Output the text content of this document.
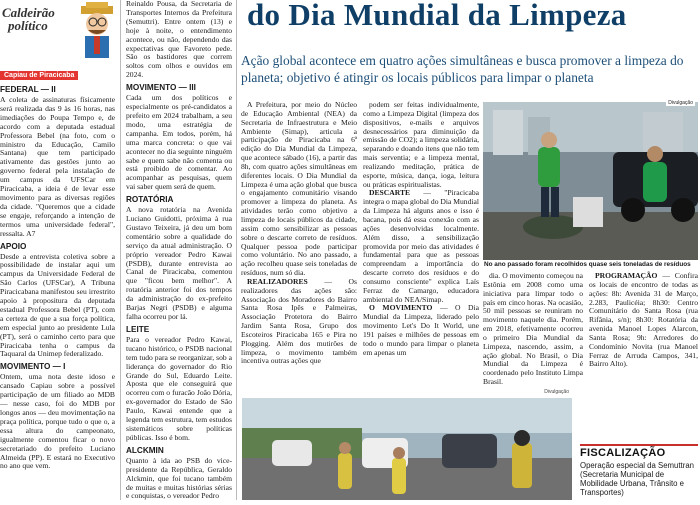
Caldeirão
político
Capiau de Piracicaba
FEDERAL — II

A coleta de assinaturas físicamente será realizada das 9 às 16 horas, nas imediações do Poupa Tempo e, de acordo com a deputada estadual Professora Bebel (na foto, com o ministro da Educação, Camilo Santana) que tem participado ativamente das gestões junto ao governo federal pela instalação de um campus da UFSCar em Piracicaba, a ideia é de levar esse movimento para as diversas regiões da cidade. "Queremos que a cidade se engaje, reforçando a intenção de termos uma universidade federal", ressalta. A7

APOIO

Desde a entrevista coletiva sobre a possibilidade de instalar aqui um campus da Universidade Federal de São Carlos (UFSCar), A Tribuna Piracicabana manifestou seu irrestrito apoio à propositura da deputada estadual Professora Bebel (PT), com a certeza de que a sua força política, em especial junto ao presidente Lula (PT), será o caminho certo para que Piracicaba tenha o campus da Taquaral da Unimep federalizado.

MOVIMENTO — I

Ontem, uma nota deste idoso e cansado Capiau sobre a possível participação de um filiado ao MDB — nesse caso, foi do MDB por longos anos — deu movimentação na praça política, porque tudo o que o, a essa altura do campeonato, igualmente comentou ficar o novo secretariado do prefeito Luciano Almeida (PP). E estará no Executivo no ano que vem.

Reinaldo Pousa, da Secretaria de Transportes Internos da Prefeitura (Semuttri). Entre ontem (13) e hoje à noite, o entendimento acontece, ou não, dependendo das expectativas que Favoreto pede. São os bastidores que correm soltos com olhos e ouvidos em 2024.

MOVIMENTO — III

Cada um dos políticos e especialmente os pré-candidatos a prefeito em 2024 trabalham, a seu modo, uma estratégia de campanha. Em todos, porém, há uma marca concreta: o que vai acontecer no dia seguinte ninguém sabe e quem sabe não comenta ou está proibido de comentar. Ao acompanhar as pesquisas, quem vai saber quem será de quem.

ROTATÓRIA

A nova rotatória na Avenida Luciano Guidotti, próxima à rua Gustavo Teixeira, já deu um bom comentário sobre a qualidade do serviço da atual administração. O próprio vereador Pedro Kawai (PSDB), durante entrevista ao Canal de Piracicaba, comentou que "ficou bem melhor". A rotatória anterior foi dos tempos da administração do ex-prefeito Barjas Negri (PSDB) e alguma falha ocorreu por lá.

LEITE

Para o vereador Pedro Kawai, tucano histórico, o PSDB nacional tem tudo para se reorganizar, sob a liderança do governador do Rio Grande do Sul, Eduardo Leite. Aposta que ele conseguirá que ocorreu com o furacão João Dória, ex-governador do Estado de São Paulo, Kawai entende que a legenda tem estrutura, tem estudos sistemáticos sobre políticas públicas. Isso é bom.

ALCKMIN

Quanto à ida ao PSB do vice-presidente da República, Geraldo Alckmin, que foi tucano também de muitas e muitas histórias sérias e conquistas, o vereador Pedro

do Dia Mundial da Limpeza
Ação global acontece em quatro ações simultâneas e busca promover a limpeza do planeta; objetivo é atingir os locais públicos para limpar o planeta

A Prefeitura, por meio do Núcleo de Educação Ambiental (NEA) da Secretaria de Infraestrutura e Meio Ambiente (Simap), articula a participação de Piracicaba na 6ª edição do Dia Mundial da Limpeza, que acontece sábado (16), a partir das 8h, com quatro ações simultâneas em diferentes locais. O Dia Mundial da Limpeza é uma ação global que busca o engajamento comunitário visando promover a limpeza do planeta. As atividades terão como objetivo a limpeza de locais públicos da cidade, assim como sensibilizar as pessoas sobre o descarte correto de resíduos. Qualquer pessoa pode participar como voluntário. No ano passado, a ação recolheu quase seis toneladas de resíduos, num só dia.

REALIZADORES — Os realizadores das ações são: Associação dos Moradores do Bairro Santa Rosa Ipês e Palmeiras, Associação Protetora do Bairro Jardim Santa Rosa, Grupo dos Escoteiros Piracicaba 165 e Pira no Plogging. Além dos mutirões de limpeza, o movimento também incentiva outras ações que

podem ser feitas individualmente, como a Limpeza Digital (limpeza dos dispositivos, e-mails e arquivos desnecessários para diminuição da emissão de CO2); a limpeza solidária, separando e doando itens que não tem mais serventia; e a limpeza mental, realizando meditação, prática de esporte, música, dança, ioga, leitura ou práticas espiritualistas.

DESCARTE — "Piracicaba integra o mapa global do Dia Mundial da Limpeza há alguns anos e isso é bacana, pois dá essa conexão com as ações desenvolvidas localmente. Além disso, a sensibilização promovida por meio das atividades é fundamental para que as pessoas compreendam a importância do descarte correto dos resíduos e do consumo consciente" explica Laís Ferraz de Camargo, educadora ambiental do NEA/Simap.

O MOVIMENTO — O Dia Mundial da Limpeza, liderado pelo movimento Let's Do It World, une 191 países e milhões de pessoas em todo o mundo para limpar o planeta em apenas um

dia. O movimento começou na Estônia em 2008 como uma iniciativa para limpar todo o país em cinco horas. Na ocasião, 50 mil pessoas se reuniram no movimento naquele dia. Porém, em 2018, efetivamente ocorreu o primeiro Dia Mundial da Limpeza, nascendo, assim, a ação global. No Brasil, o Dia Mundial da Limpeza é coordenado pelo Instituto Limpa Brasil.

PROGRAMAÇÃO — Confira os locais de encontro de todas as ações: 8h: Avenida 31 de Março, 2.283, Paulicéia; 8h30: Centro Comunitário do Santa Rosa (rua Rifânia, s/n); 8h30: Rotatória da avenida Manoel Lopes Alarcon, Santa Rosa; 9h: Arredores do Condomínio Novita (rua Manoel Ferraz de Arruda Campos, 341, Bairro Alto).

Divulgação
No ano passado foram recolhidos quase seis toneladas de resíduos
Divulgação
FISCALIZAÇÃO
Operação especial da Semuttran (Secretaria Municipal de Mobilidade Urbana, Trânsito e Transportes)
